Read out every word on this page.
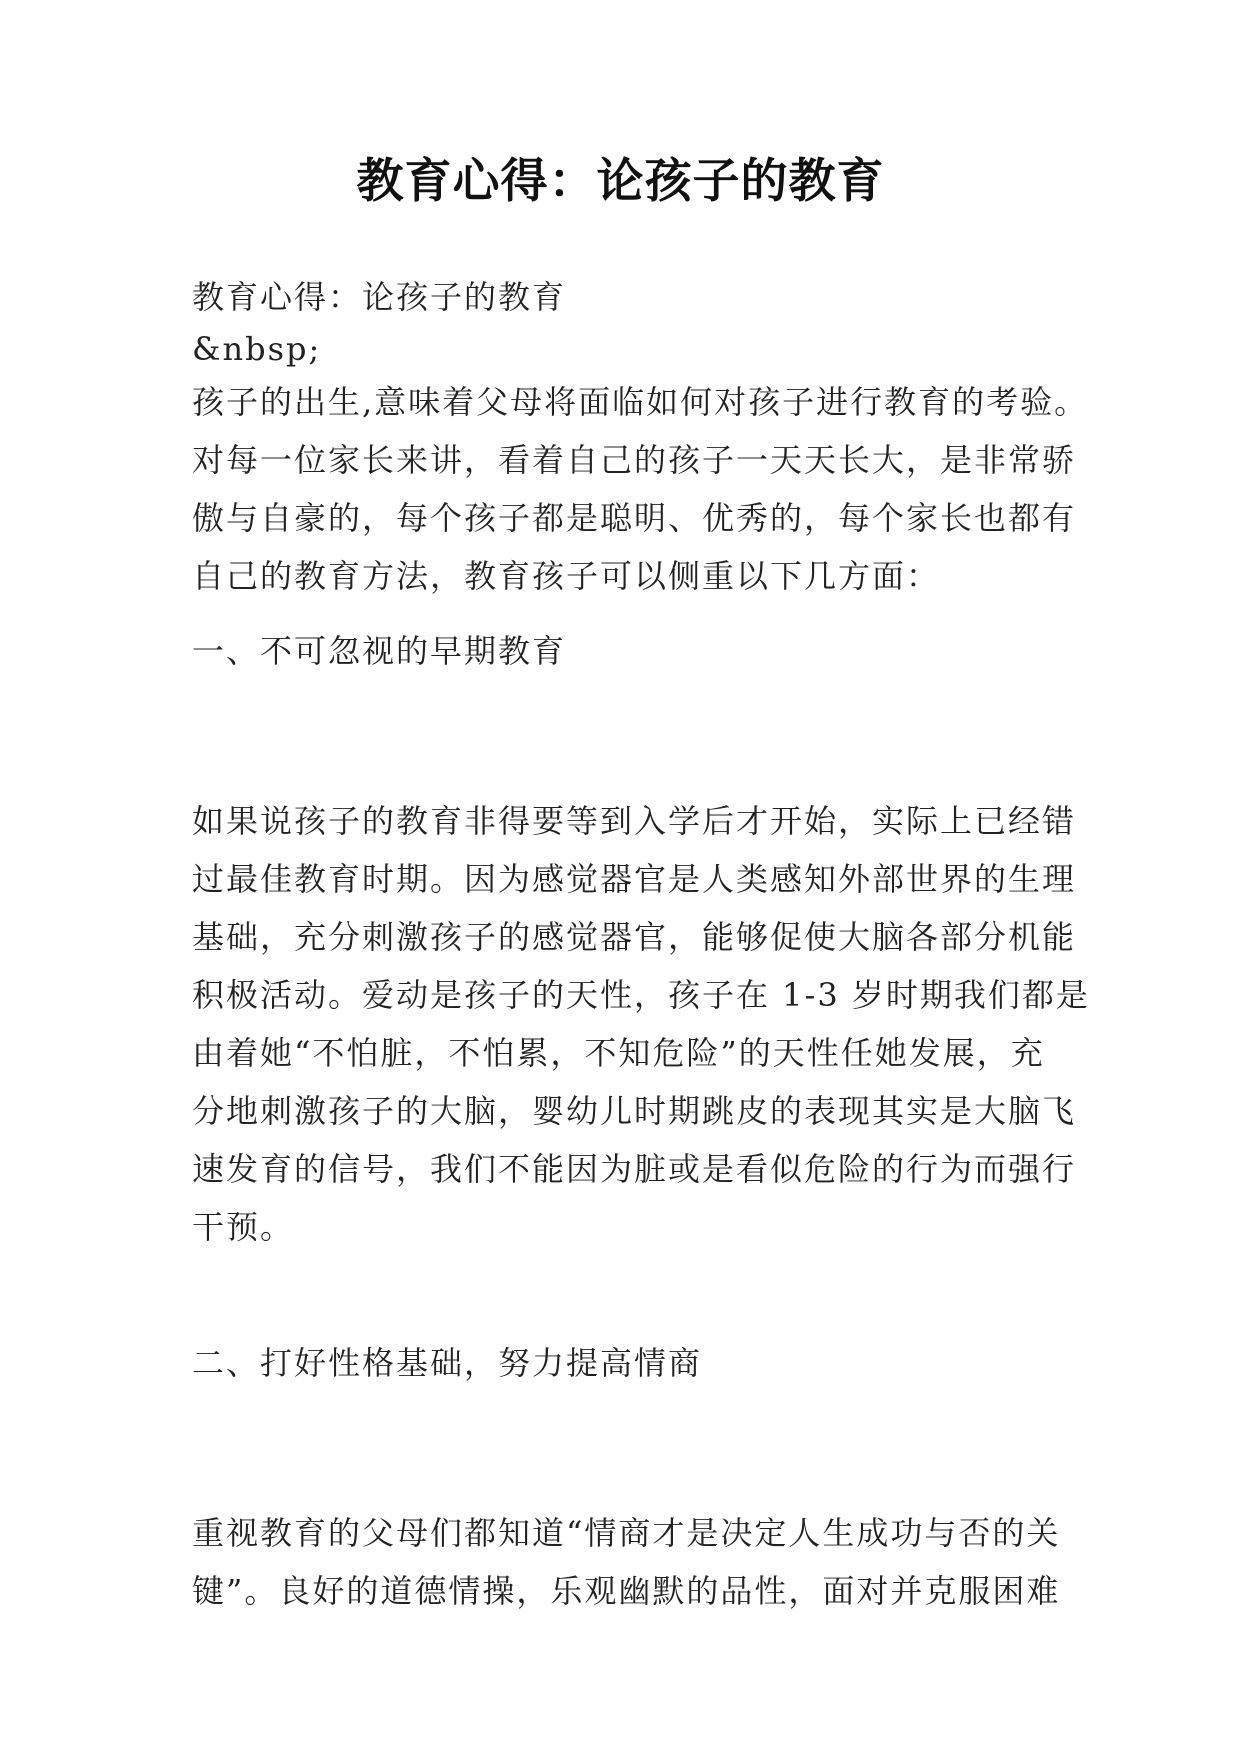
教育心得：论孩子的教育

教育心得：论孩子的教育

&nbsp;

孩子的出生,意味着父母将面临如何对孩子进行教育的考验。
对每一位家长来讲，看着自己的孩子一天天长大，是非常骄
傲与自豪的，每个孩子都是聪明、优秀的，每个家长也都有
自己的教育方法，教育孩子可以侧重以下几方面：

一、不可忽视的早期教育

如果说孩子的教育非得要等到入学后才开始，实际上已经错
过最佳教育时期。因为感觉器官是人类感知外部世界的生理
基础，充分刺激孩子的感觉器官，能够促使大脑各部分机能
积极活动。爱动是孩子的天性，孩子在 1-3 岁时期我们都是
由着她“不怕脏，不怕累，不知危险”的天性任她发展，充
分地刺激孩子的大脑，婴幼儿时期跳皮的表现其实是大脑飞
速发育的信号，我们不能因为脏或是看似危险的行为而强行
干预。

二、打好性格基础，努力提高情商

重视教育的父母们都知道“情商才是决定人生成功与否的关
键”。良好的道德情操，乐观幽默的品性，面对并克服困难
